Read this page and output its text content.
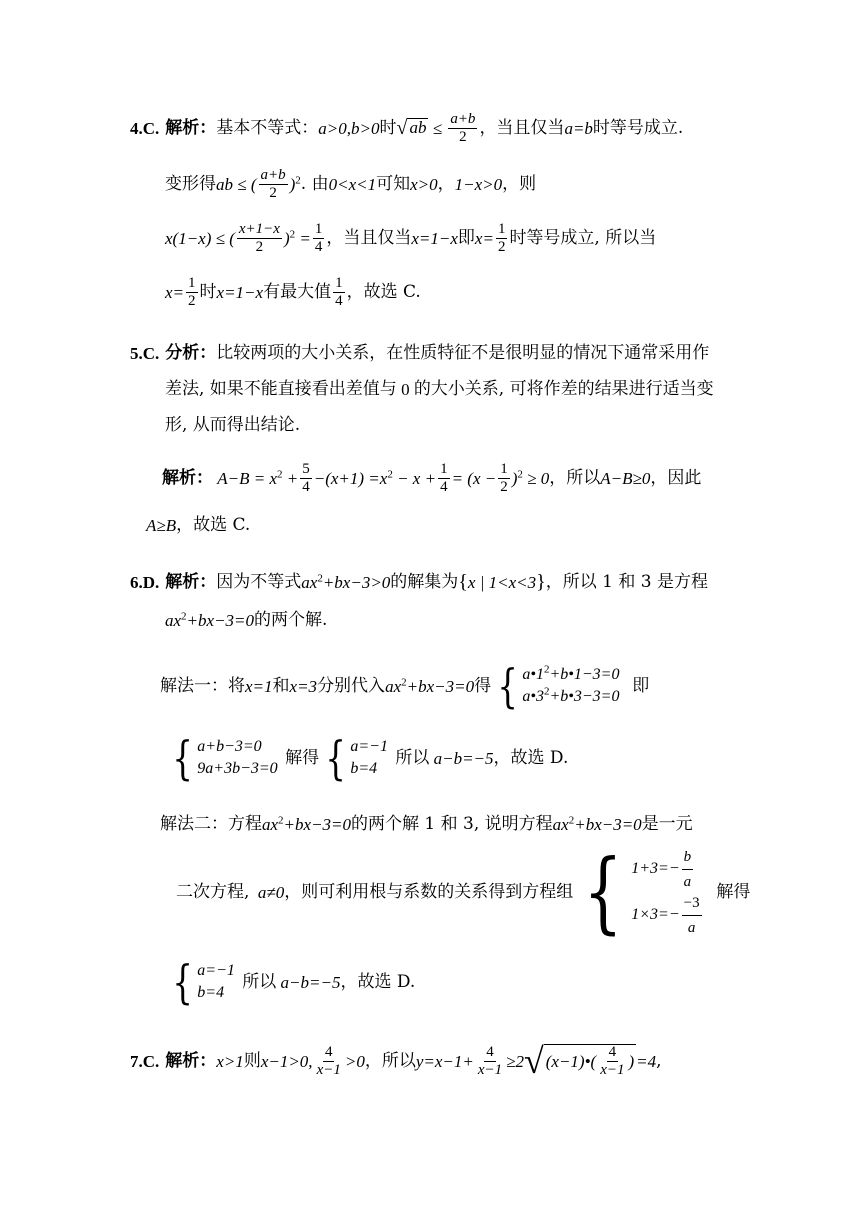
4.C. 解析： 基本不等式： a>0,b>0 时 √ ab ≤ $\frac{a+b}{2}$ ，当且仅当 a=b 时等号成立.
变形得 ab ≤ ( $\frac{a+b}{2} )^2$ . 由 0<x<1 可知 x>0 ， 1−x>0 ，则
x(1−x) ≤ ( $\frac{x+1-x}{2} )^2 = \frac{1}{4}$ ，当且仅当 x=1−x 即 $x= \frac{1}{2}$ 时等号成立, 所以当
$x= \frac{1}{2}$ 时 x=1−x 有最大值 $\frac{1}{4}$ ，故选 C.
5.C. 分析： 比较两项的大小关系，在性质特征不是很明显的情况下通常采用作
差法, 如果不能直接看出差值与 0 的大小关系, 可将作差的结果进行适当变
形, 从而得出结论.
解析： $A-B = x^2 + \frac{5}{4} -(x+1) =x^2 - x + \frac{1}{4} = (x - \frac{1}{2} )^2 \ge 0$ ，所以 A−B≥0 ，因此
A≥B ，故选 C.
6.D. 解析： 因为不等式 $ax^2+bx-3>0$ 的解集为 { x | 1<x<3 } ，所以 1 和 3 是方程
$ax^2+bx-3=0$ 的两个解.
解法一：将 x=1 和 x=3 分别代入 $ax^2+bx-3=0$ 得 { $a•1^2+b•1-3=0$
$a•3^2+b•3-3=0$

即
{ a+b−3=0
9a+3b−3=0

解得 { a=−1
b=4

所以 a−b=−5 ，故选 D.
解法二：方程 $ax^2+bx-3=0$ 的两个解 1 和 3, 说明方程 $ax^2+bx-3=0$ 是一元
二次方程, a≠0 ，则可利用根与系数的关系得到方程组 { $1+3=- \frac{b}{a}$
$1\times 3=- \frac{-3}{a}$
解得
{ a=−1
b=4

所以 a−b=−5 ，故选 D.
7.C. 解析： x>1 则 x−1>0, $\frac{4}{x-1} >0$ ，所以 $y=x-1+ \frac{4}{x-1} \ge 2$ √ (x−1)•( $\frac{4}{x-1}$ ) =4 ,
